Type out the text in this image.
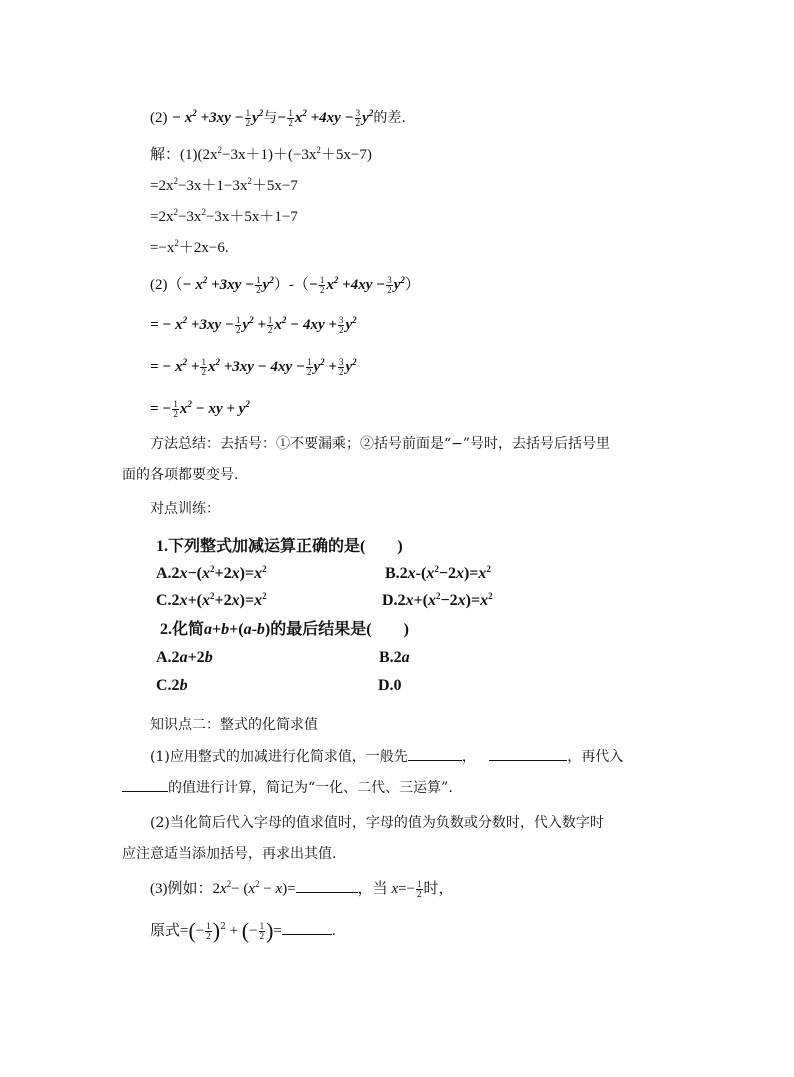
$(2) - x^2 +3xy - \frac{1}{2} y^2$与− $\frac{1}{2} x^2 +4xy - \frac{3}{2} y^2$的差.
解：$(1)(2x^2-3x+1)+(-3x^2+5x-7)$
$=2x^2-3x+1-3x^2+5x-7$
$=2x^2-3x^2-3x+5x+1-7$
$=-x^2+2x-6$.
$(2)(- x^2 +3xy - \frac{1}{2} y^2)-(- \frac{1}{2} x^2 +4xy - \frac{3}{2} y^2)$
= − $x^2 +3xy - \frac{1}{2} y^2 + \frac{1}{2} x^2 - 4xy + \frac{3}{2} y^2$
= − $x^2 + \frac{1}{2} x^2 +3xy - 4xy - \frac{1}{2} y^2 + \frac{3}{2} y^2$
= − $\frac{1}{2} x^2$ − xy + $y^2$
方法总结：去括号：①不要漏乘；②括号前面是“−”号时，去括号后括号里
面的各项都要变号.
对点训练：
1.下列整式加减运算正确的是(　　)
$A.2x-(x^2+2x)=x^2$	$B.2x-(x^2-2x)=x^2$
$C.2x+(x^2+2x)=x^2$	$D.2x+(x^2-2x)=x^2$
2.化简a+b+(a-b)的最后结果是(　　)
A.2a+2b	B.2a
C.2b	D.0
知识点二：整式的化简求值
(1)应用整式的加减进行化简求值，一般先	，	，再代入
的值进行计算，简记为“一化、二代、三运算”.
(2)当化简后代入字母的值求值时，字母的值为负数或分数时，代入数字时
应注意适当添加括号，再求出其值.
(3)例如：$2x^2- (x^2 - x)=$	，当 $x=- \frac{1}{2}$ 时，
原式=(− $\frac{1}{2} )^2$ + (− $\frac{1}{2}$ )=	.
